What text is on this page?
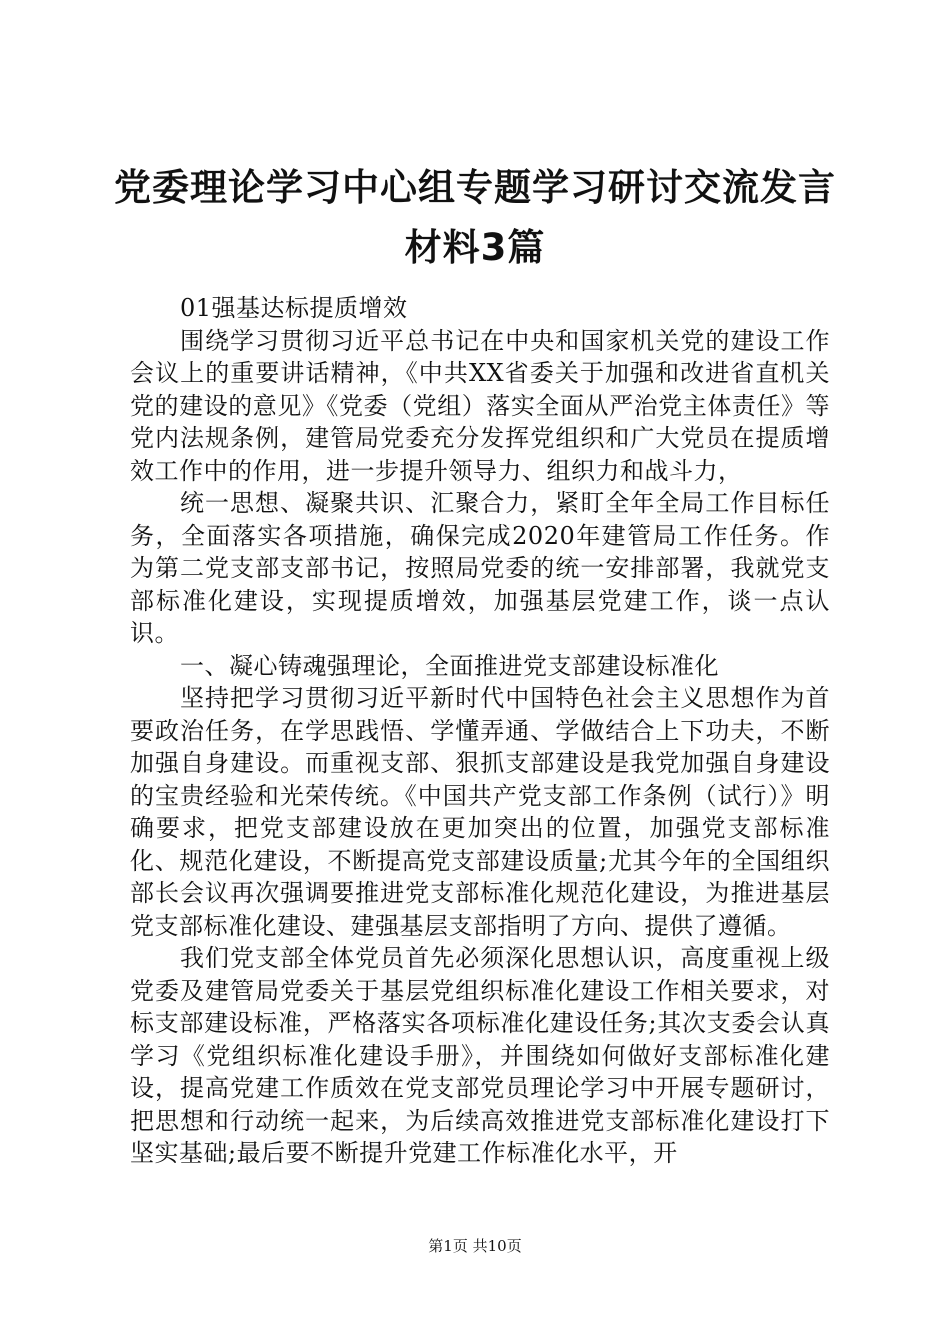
党委理论学习中心组专题学习研讨交流发言材料3篇

01强基达标提质增效

围绕学习贯彻习近平总书记在中央和国家机关党的建设工作会议上的重要讲话精神，《中共XX省委关于加强和改进省直机关党的建设的意见》《党委（党组）落实全面从严治党主体责任》等党内法规条例，建管局党委充分发挥党组织和广大党员在提质增效工作中的作用，进一步提升领导力、组织力和战斗力，

统一思想、凝聚共识、汇聚合力，紧盯全年全局工作目标任务，全面落实各项措施，确保完成2020年建管局工作任务。作为第二党支部支部书记，按照局党委的统一安排部署，我就党支部标准化建设，实现提质增效，加强基层党建工作，谈一点认识。

一、凝心铸魂强理论，全面推进党支部建设标准化

坚持把学习贯彻习近平新时代中国特色社会主义思想作为首要政治任务，在学思践悟、学懂弄通、学做结合上下功夫，不断加强自身建设。而重视支部、狠抓支部建设是我党加强自身建设的宝贵经验和光荣传统。《中国共产党支部工作条例（试行）》明确要求，把党支部建设放在更加突出的位置，加强党支部标准化、规范化建设，不断提高党支部建设质量;尤其今年的全国组织部长会议再次强调要推进党支部标准化规范化建设，为推进基层党支部标准化建设、建强基层支部指明了方向、提供了遵循。

我们党支部全体党员首先必须深化思想认识，高度重视上级党委及建管局党委关于基层党组织标准化建设工作相关要求，对标支部建设标准，严格落实各项标准化建设任务;其次支委会认真学习《党组织标准化建设手册》，并围绕如何做好支部标准化建设，提高党建工作质效在党支部党员理论学习中开展专题研讨，把思想和行动统一起来，为后续高效推进党支部标准化建设打下坚实基础;最后要不断提升党建工作标准化水平，开

第1页 共10页
